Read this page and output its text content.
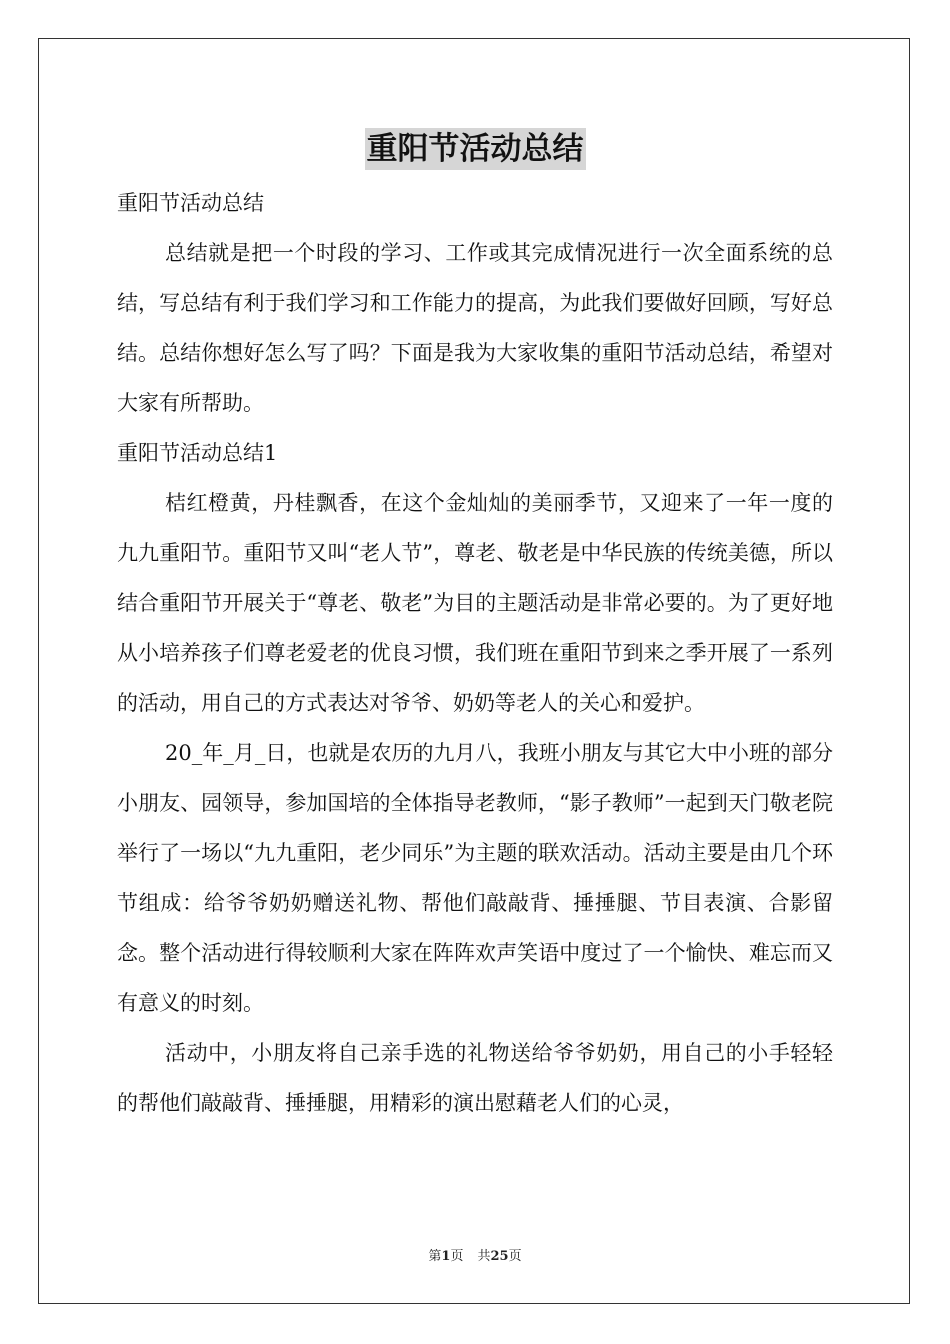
重阳节活动总结

重阳节活动总结

总结就是把一个时段的学习、工作或其完成情况进行一次全面系统的总结，写总结有利于我们学习和工作能力的提高，为此我们要做好回顾，写好总结。总结你想好怎么写了吗？下面是我为大家收集的重阳节活动总结，希望对大家有所帮助。

重阳节活动总结1

桔红橙黄，丹桂飘香，在这个金灿灿的美丽季节，又迎来了一年一度的九九重阳节。重阳节又叫“老人节”，尊老、敬老是中华民族的传统美德，所以结合重阳节开展关于“尊老、敬老”为目的主题活动是非常必要的。为了更好地从小培养孩子们尊老爱老的优良习惯，我们班在重阳节到来之季开展了一系列的活动，用自己的方式表达对爷爷、奶奶等老人的关心和爱护。

20_年_月_日，也就是农历的九月八，我班小朋友与其它大中小班的部分小朋友、园领导，参加国培的全体指导老教师，“影子教师”一起到天门敬老院举行了一场以“九九重阳，老少同乐”为主题的联欢活动。活动主要是由几个环节组成：给爷爷奶奶赠送礼物、帮他们敲敲背、捶捶腿、节目表演、合影留念。整个活动进行得较顺利大家在阵阵欢声笑语中度过了一个愉快、难忘而又有意义的时刻。

活动中，小朋友将自己亲手选的礼物送给爷爷奶奶，用自己的小手轻轻的帮他们敲敲背、捶捶腿，用精彩的演出慰藉老人们的心灵，

第1页 共25页
